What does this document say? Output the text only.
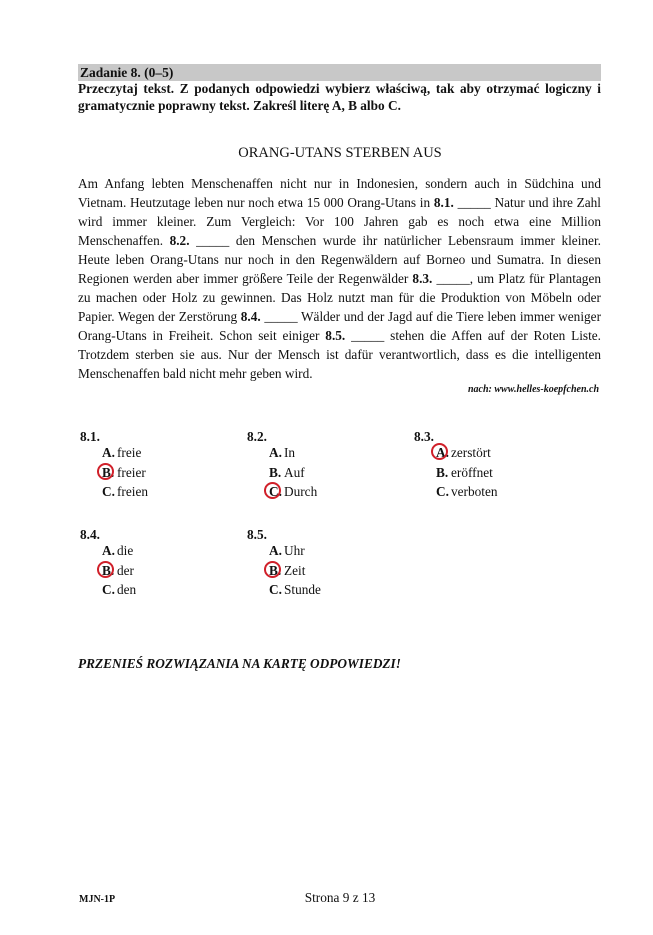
Zadanie 8. (0–5)
Przeczytaj tekst. Z podanych odpowiedzi wybierz właściwą, tak aby otrzymać logiczny i gramatycznie poprawny tekst. Zakreśl literę A, B albo C.
ORANG-UTANS STERBEN AUS
Am Anfang lebten Menschenaffen nicht nur in Indonesien, sondern auch in Südchina und Vietnam. Heutzutage leben nur noch etwa 15 000 Orang-Utans in 8.1. _____ Natur und ihre Zahl wird immer kleiner. Zum Vergleich: Vor 100 Jahren gab es noch etwa eine Million Menschenaffen. 8.2. _____ den Menschen wurde ihr natürlicher Lebensraum immer kleiner. Heute leben Orang-Utans nur noch in den Regenwäldern auf Borneo und Sumatra. In diesen Regionen werden aber immer größere Teile der Regenwälder 8.3. _____, um Platz für Plantagen zu machen oder Holz zu gewinnen. Das Holz nutzt man für die Produktion von Möbeln oder Papier. Wegen der Zerstörung 8.4. _____ Wälder und der Jagd auf die Tiere leben immer weniger Orang-Utans in Freiheit. Schon seit einiger 8.5. _____ stehen die Affen auf der Roten Liste. Trotzdem sterben sie aus. Nur der Mensch ist dafür verantwortlich, dass es die intelligenten Menschenaffen bald nicht mehr geben wird.
nach: www.helles-koepfchen.ch
8.1.
A. freie
B. freier
C. freien
8.2.
A. In
B. Auf
C. Durch
8.3.
A. zerstört
B. eröffnet
C. verboten
8.4.
A. die
B. der
C. den
8.5.
A. Uhr
B. Zeit
C. Stunde
PRZENIEŚ ROZWIĄZANIA NA KARTĘ ODPOWIEDZI!
MJN-1P	Strona 9 z 13
